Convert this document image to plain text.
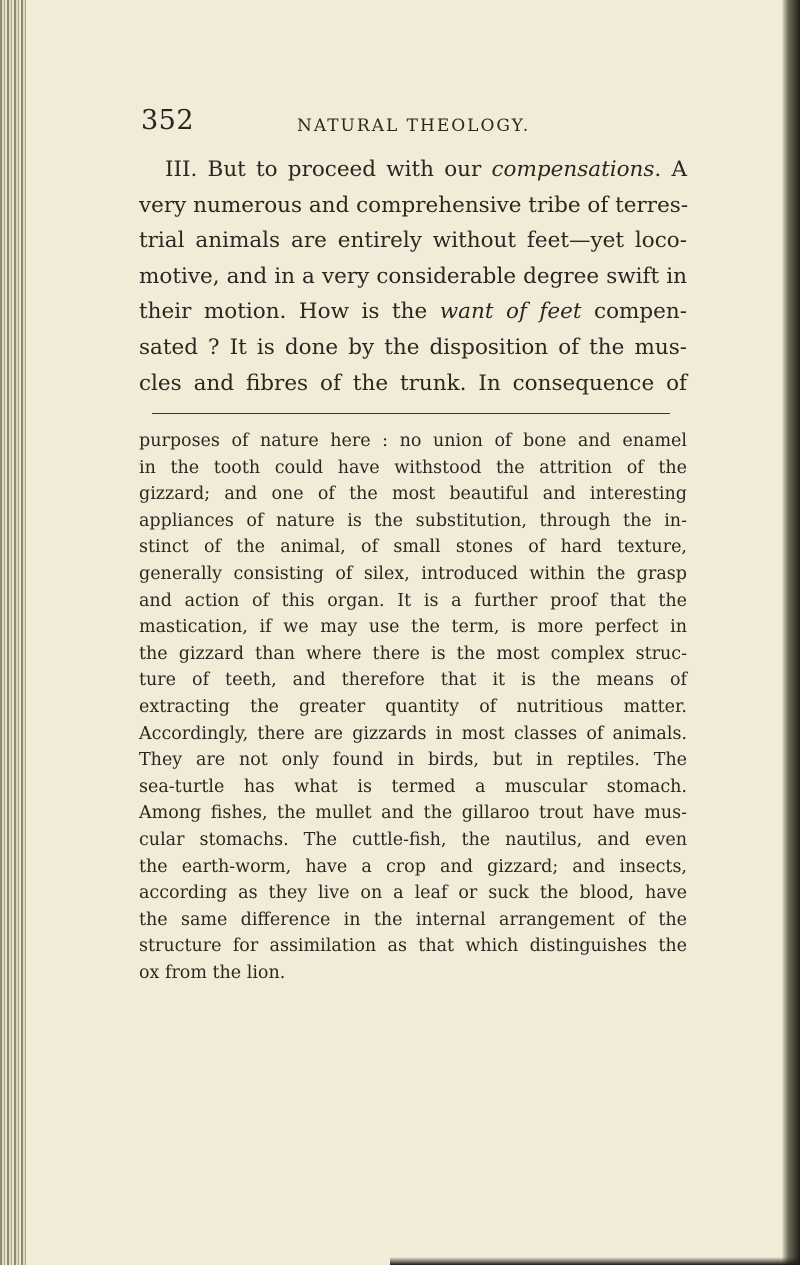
352	NATURAL THEOLOGY.
III. But to proceed with our compensations. A
very numerous and comprehensive tribe of terres-
trial animals are entirely without feet—yet loco-
motive, and in a very considerable degree swift in
their motion. How is the want of feet compen-
sated ? It is done by the disposition of the mus-
cles and fibres of the trunk. In consequence of
purposes of nature here : no union of bone and enamel
in the tooth could have withstood the attrition of the
gizzard; and one of the most beautiful and interesting
appliances of nature is the substitution, through the in-
stinct of the animal, of small stones of hard texture,
generally consisting of silex, introduced within the grasp
and action of this organ. It is a further proof that the
mastication, if we may use the term, is more perfect in
the gizzard than where there is the most complex struc-
ture of teeth, and therefore that it is the means of
extracting the greater quantity of nutritious matter.
Accordingly, there are gizzards in most classes of animals.
They are not only found in birds, but in reptiles. The
sea-turtle has what is termed a muscular stomach.
Among fishes, the mullet and the gillaroo trout have mus-
cular stomachs. The cuttle-fish, the nautilus, and even
the earth-worm, have a crop and gizzard; and insects,
according as they live on a leaf or suck the blood, have
the same difference in the internal arrangement of the
structure for assimilation as that which distinguishes the
ox from the lion.
